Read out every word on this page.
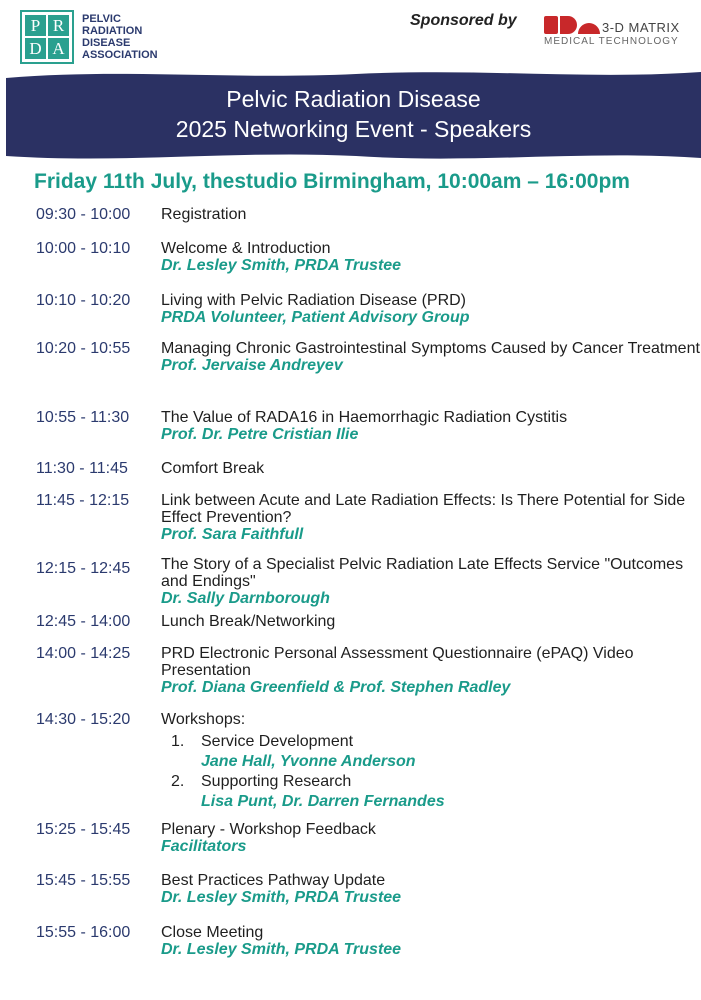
P R
D A
PELVIC
RADIATION
DISEASE
ASSOCIATION
Sponsored by	3-D MATRIX
MEDICAL TECHNOLOGY
Pelvic Radiation Disease
2025 Networking Event - Speakers
Friday 11th July, thestudio Birmingham, 10:00am – 16:00pm
09:30 - 10:00 Registration
10:00 - 10:10 Welcome & Introduction
Dr. Lesley Smith, PRDA Trustee
10:10 - 10:20 Living with Pelvic Radiation Disease (PRD)
PRDA Volunteer, Patient Advisory Group
10:20 - 10:55 Managing Chronic Gastrointestinal Symptoms Caused by Cancer Treatment
Prof. Jervaise Andreyev
10:55 - 11:30 The Value of RADA16 in Haemorrhagic Radiation Cystitis
Prof. Dr. Petre Cristian Ilie
11:30 - 11:45 Comfort Break
11:45 - 12:15 Link between Acute and Late Radiation Effects: Is There Potential for Side Effect Prevention?
Prof. Sara Faithfull
12:15 - 12:45 The Story of a Specialist Pelvic Radiation Late Effects Service "Outcomes and Endings"
Dr. Sally Darnborough
12:45 - 14:00 Lunch Break/Networking
14:00 - 14:25 PRD Electronic Personal Assessment Questionnaire (ePAQ) Video Presentation
Prof. Diana Greenfield & Prof. Stephen Radley
14:30 - 15:20 Workshops:
1. Service Development
Jane Hall, Yvonne Anderson
2. Supporting Research
Lisa Punt, Dr. Darren Fernandes
15:25 - 15:45 Plenary - Workshop Feedback
Facilitators
15:45 - 15:55 Best Practices Pathway Update
Dr. Lesley Smith, PRDA Trustee
15:55 - 16:00 Close Meeting
Dr. Lesley Smith, PRDA Trustee
